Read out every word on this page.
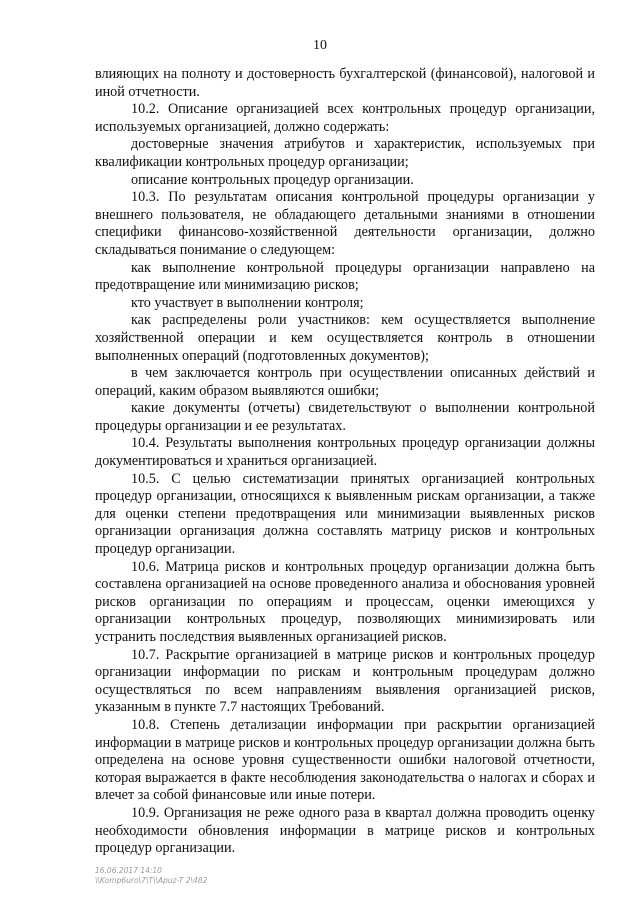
10

влияющих на полноту и достоверность бухгалтерской (финансовой), налоговой и иной отчетности.

10.2. Описание организацией всех контрольных процедур организации, используемых организацией, должно содержать:

достоверные значения атрибутов и характеристик, используемых при квалификации контрольных процедур организации;

описание контрольных процедур организации.

10.3. По результатам описания контрольной процедуры организации у внешнего пользователя, не обладающего детальными знаниями в отношении специфики финансово-хозяйственной деятельности организации, должно складываться понимание о следующем:

как выполнение контрольной процедуры организации направлено на предотвращение или минимизацию рисков;

кто участвует в выполнении контроля;

как распределены роли участников: кем осуществляется выполнение хозяйственной операции и кем осуществляется контроль в отношении выполненных операций (подготовленных документов);

в чем заключается контроль при осуществлении описанных действий и операций, каким образом выявляются ошибки;

какие документы (отчеты) свидетельствуют о выполнении контрольной процедуры организации и ее результатах.

10.4. Результаты выполнения контрольных процедур организации должны документироваться и храниться организацией.

10.5. С целью систематизации принятых организацией контрольных процедур организации, относящихся к выявленным рискам организации, а также для оценки степени предотвращения или минимизации выявленных рисков организации организация должна составлять матрицу рисков и контрольных процедур организации.

10.6. Матрица рисков и контрольных процедур организации должна быть составлена организацией на основе проведенного анализа и обоснования уровней рисков организации по операциям и процессам, оценки имеющихся у организации контрольных процедур, позволяющих минимизировать или устранить последствия выявленных организацией рисков.

10.7. Раскрытие организацией в матрице рисков и контрольных процедур организации информации по рискам и контрольным процедурам должно осуществляться по всем направлениям выявления организацией рисков, указанным в пункте 7.7 настоящих Требований.

10.8. Степень детализации информации при раскрытии организацией информации в матрице рисков и контрольных процедур организации должна быть определена на основе уровня существенности ошибки налоговой отчетности, которая выражается в факте несоблюдения законодательства о налогах и сборах и влечет за собой финансовые или иные потери.

10.9. Организация не реже одного раза в квартал должна проводить оценку необходимости обновления информации в матрице рисков и контрольных процедур организации.

16.06.2017 14:10
\\Komp6uro\7\T\\Apuz-T 2\482
